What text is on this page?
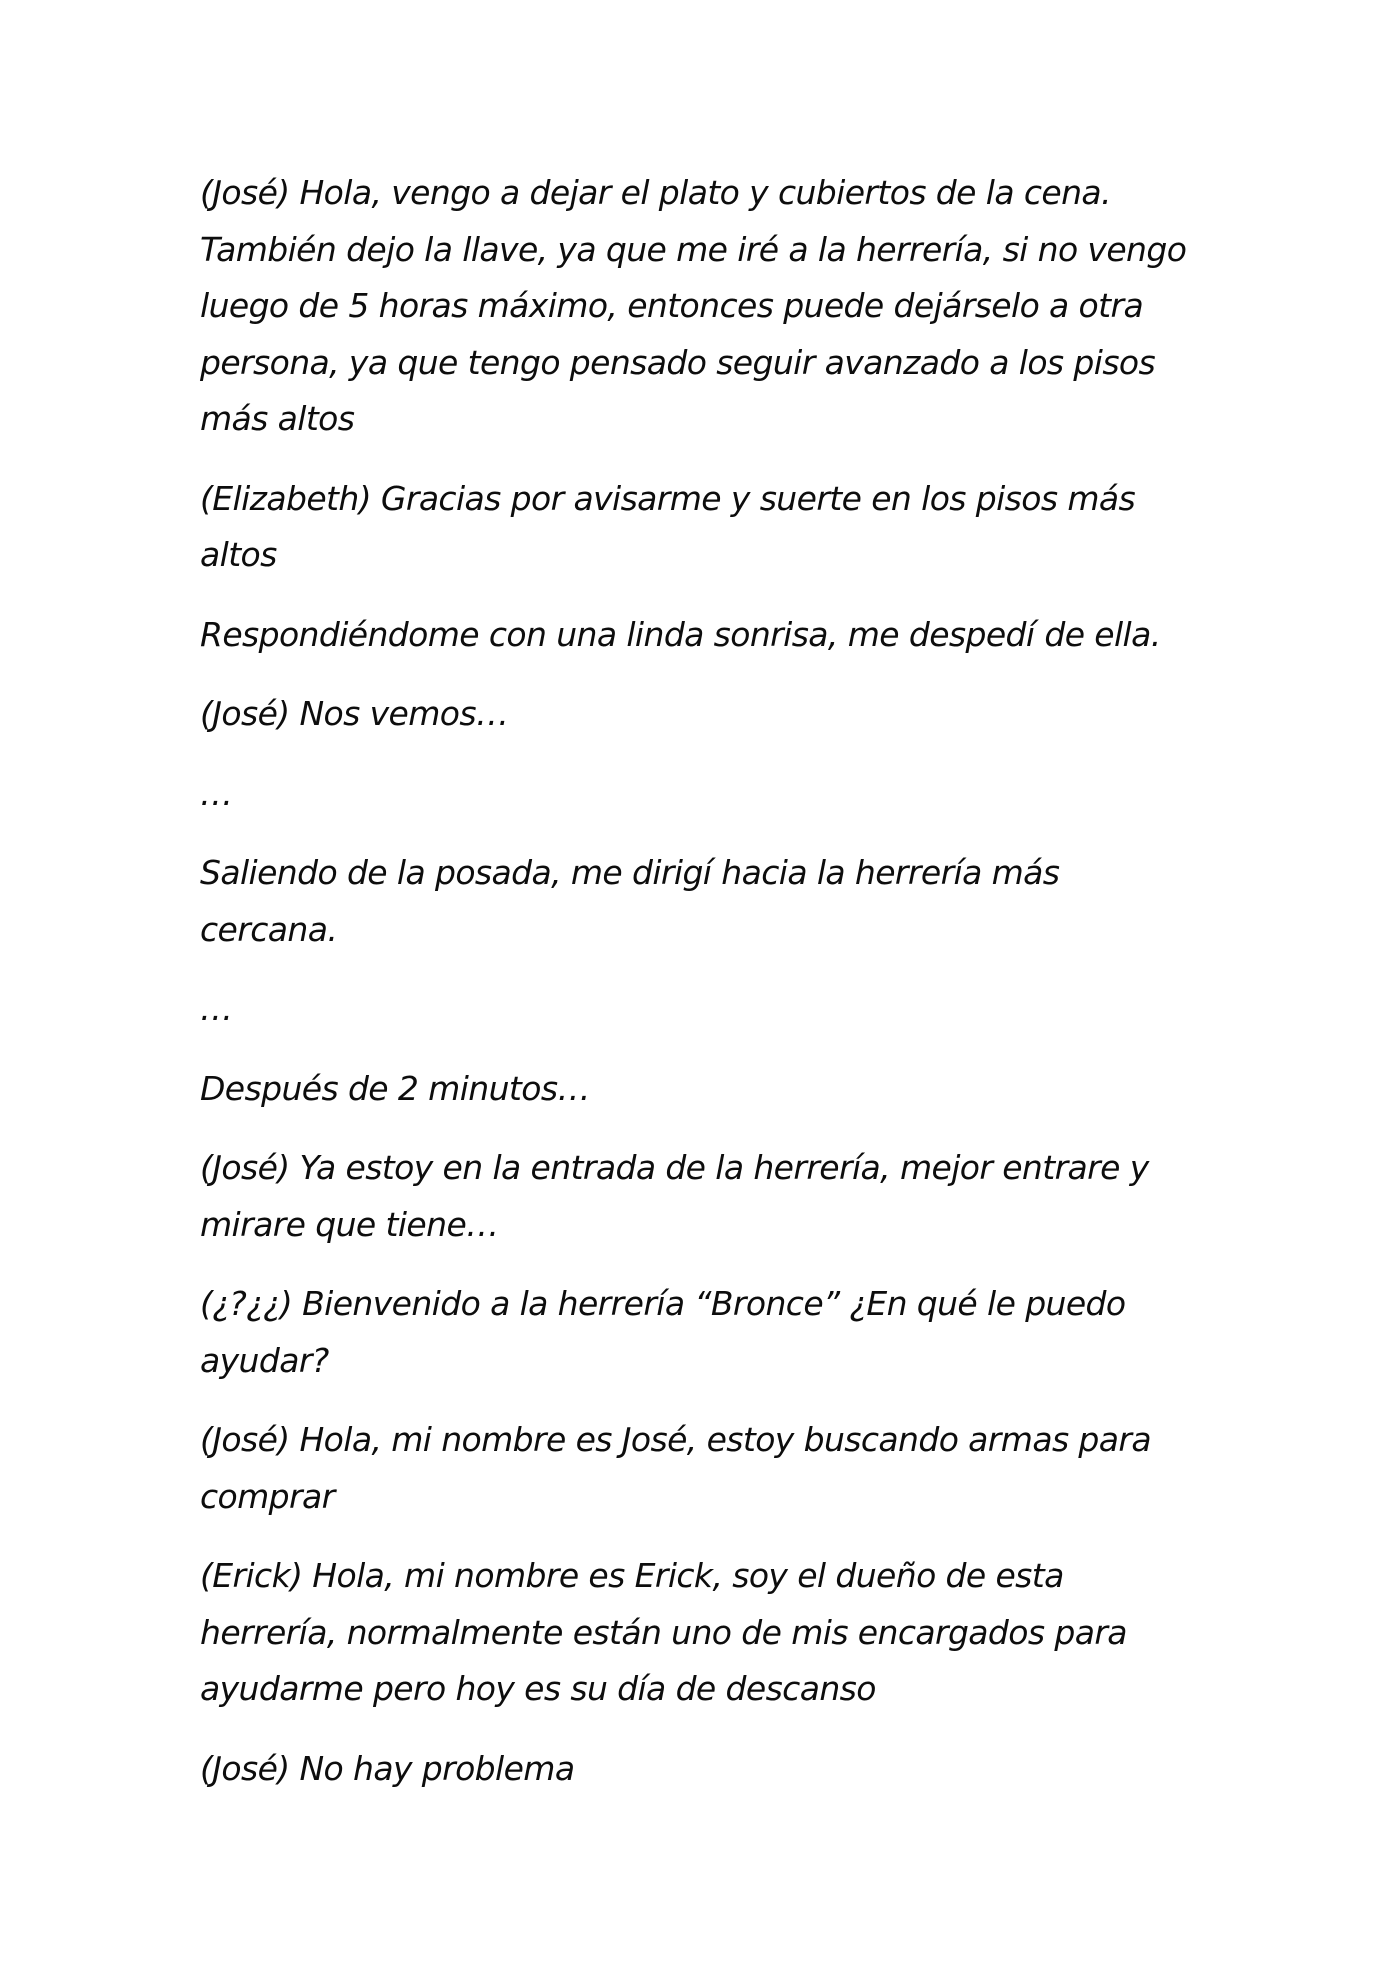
(José) Hola, vengo a dejar el plato y cubiertos de la cena. También dejo la llave, ya que me iré a la herrería, si no vengo luego de 5 horas máximo, entonces puede dejárselo a otra persona, ya que tengo pensado seguir avanzado a los pisos más altos

(Elizabeth) Gracias por avisarme y suerte en los pisos más altos

Respondiéndome con una linda sonrisa, me despedí de ella.

(José) Nos vemos…

…

Saliendo de la posada, me dirigí hacia la herrería más cercana.

…

Después de 2 minutos…

(José) Ya estoy en la entrada de la herrería, mejor entrare y mirare que tiene…

(¿?¿¿) Bienvenido a la herrería “Bronce” ¿En qué le puedo ayudar?

(José) Hola, mi nombre es José, estoy buscando armas para comprar

(Erick) Hola, mi nombre es Erick, soy el dueño de esta herrería, normalmente están uno de mis encargados para ayudarme pero hoy es su día de descanso

(José) No hay problema
